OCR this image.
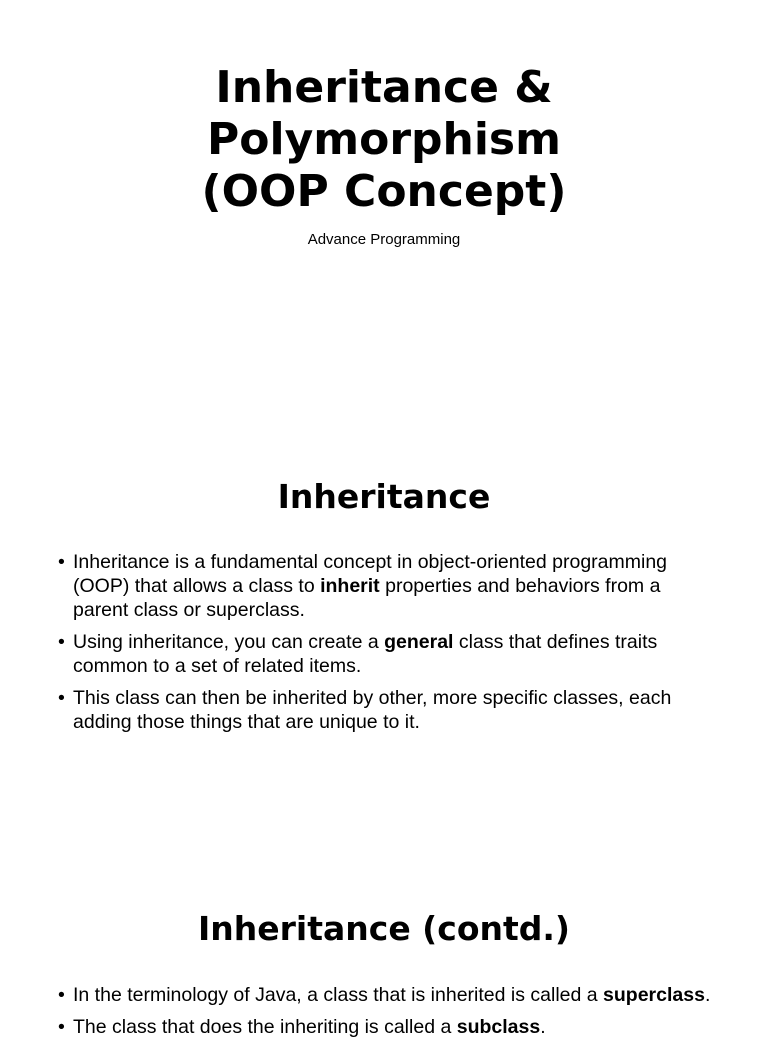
Inheritance &
Polymorphism
(OOP Concept)

Advance Programming

Inheritance
• Inheritance is a fundamental concept in object-oriented programming (OOP) that allows a class to inherit properties and behaviors from a parent class or superclass.
• Using inheritance, you can create a general class that defines traits common to a set of related items.
• This class can then be inherited by other, more specific classes, each adding those things that are unique to it.
Inheritance (contd.)
• In the terminology of Java, a class that is inherited is called a superclass.
• The class that does the inheriting is called a subclass.
